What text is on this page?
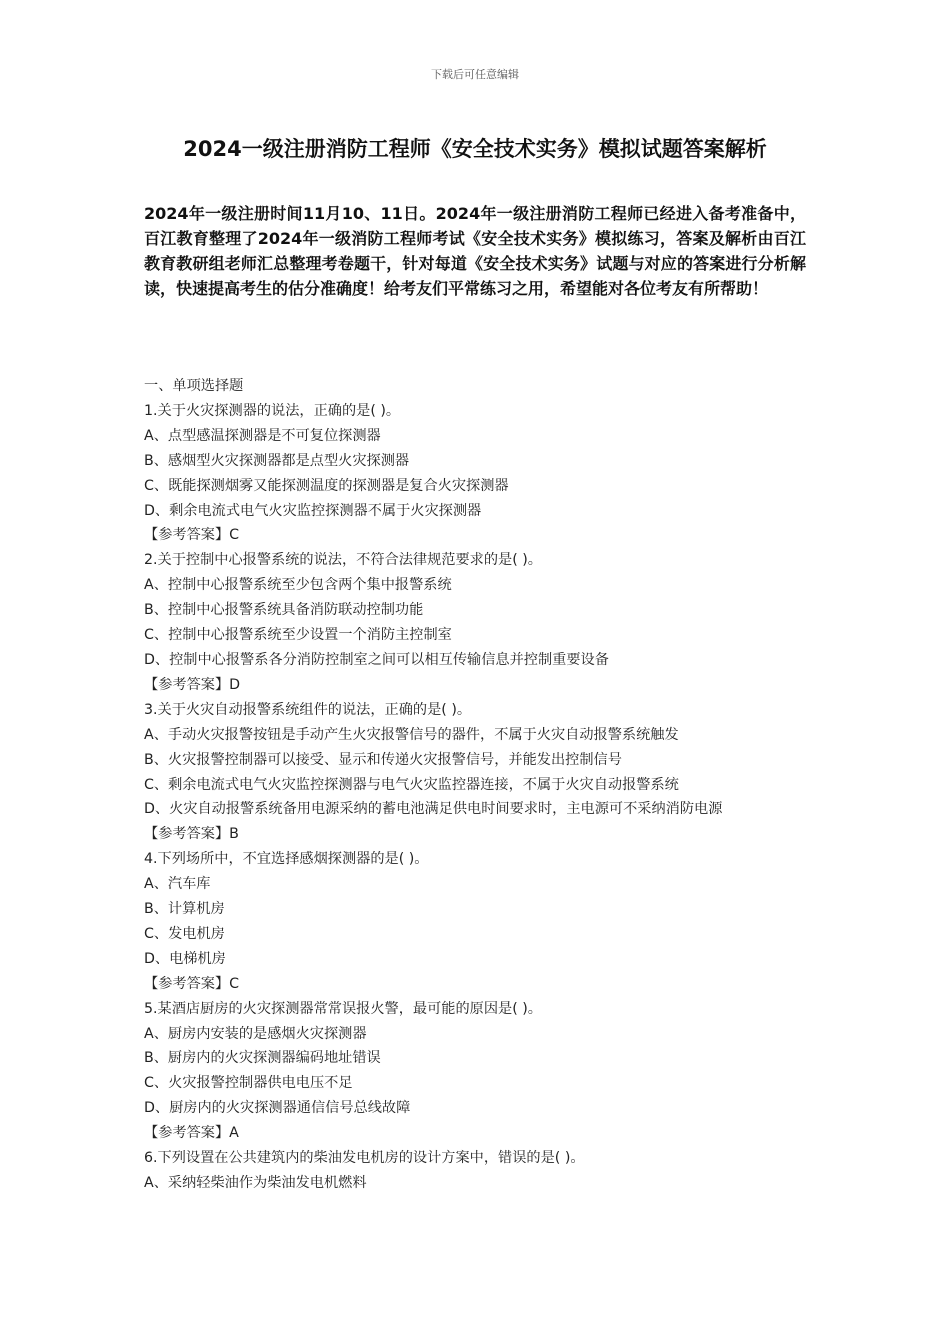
下载后可任意编辑
2024一级注册消防工程师《安全技术实务》模拟试题答案解析
2024年一级注册时间11月10、11日。2024年一级注册消防工程师已经进入备考准备中，百江教育整理了2024年一级消防工程师考试《安全技术实务》模拟练习，答案及解析由百江教育教研组老师汇总整理考卷题干，针对每道《安全技术实务》试题与对应的答案进行分析解读，快速提高考生的估分准确度！给考友们平常练习之用，希望能对各位考友有所帮助！
一、单项选择题
1.关于火灾探测器的说法，正确的是( )。
A、点型感温探测器是不可复位探测器
B、感烟型火灾探测器都是点型火灾探测器
C、既能探测烟雾又能探测温度的探测器是复合火灾探测器
D、剩余电流式电气火灾监控探测器不属于火灾探测器
【参考答案】C
2.关于控制中心报警系统的说法，不符合法律规范要求的是( )。
A、控制中心报警系统至少包含两个集中报警系统
B、控制中心报警系统具备消防联动控制功能
C、控制中心报警系统至少设置一个消防主控制室
D、控制中心报警系各分消防控制室之间可以相互传输信息并控制重要设备
【参考答案】D
3.关于火灾自动报警系统组件的说法，正确的是( )。
A、手动火灾报警按钮是手动产生火灾报警信号的器件，不属于火灾自动报警系统触发
B、火灾报警控制器可以接受、显示和传递火灾报警信号，并能发出控制信号
C、剩余电流式电气火灾监控探测器与电气火灾监控器连接，不属于火灾自动报警系统
D、火灾自动报警系统备用电源采纳的蓄电池满足供电时间要求时，主电源可不采纳消防电源
【参考答案】B
4.下列场所中，不宜选择感烟探测器的是( )。
A、汽车库
B、计算机房
C、发电机房
D、电梯机房
【参考答案】C
5.某酒店厨房的火灾探测器常常误报火警，最可能的原因是( )。
A、厨房内安装的是感烟火灾探测器
B、厨房内的火灾探测器编码地址错误
C、火灾报警控制器供电电压不足
D、厨房内的火灾探测器通信信号总线故障
【参考答案】A
6.下列设置在公共建筑内的柴油发电机房的设计方案中，错误的是( )。
A、采纳轻柴油作为柴油发电机燃料
